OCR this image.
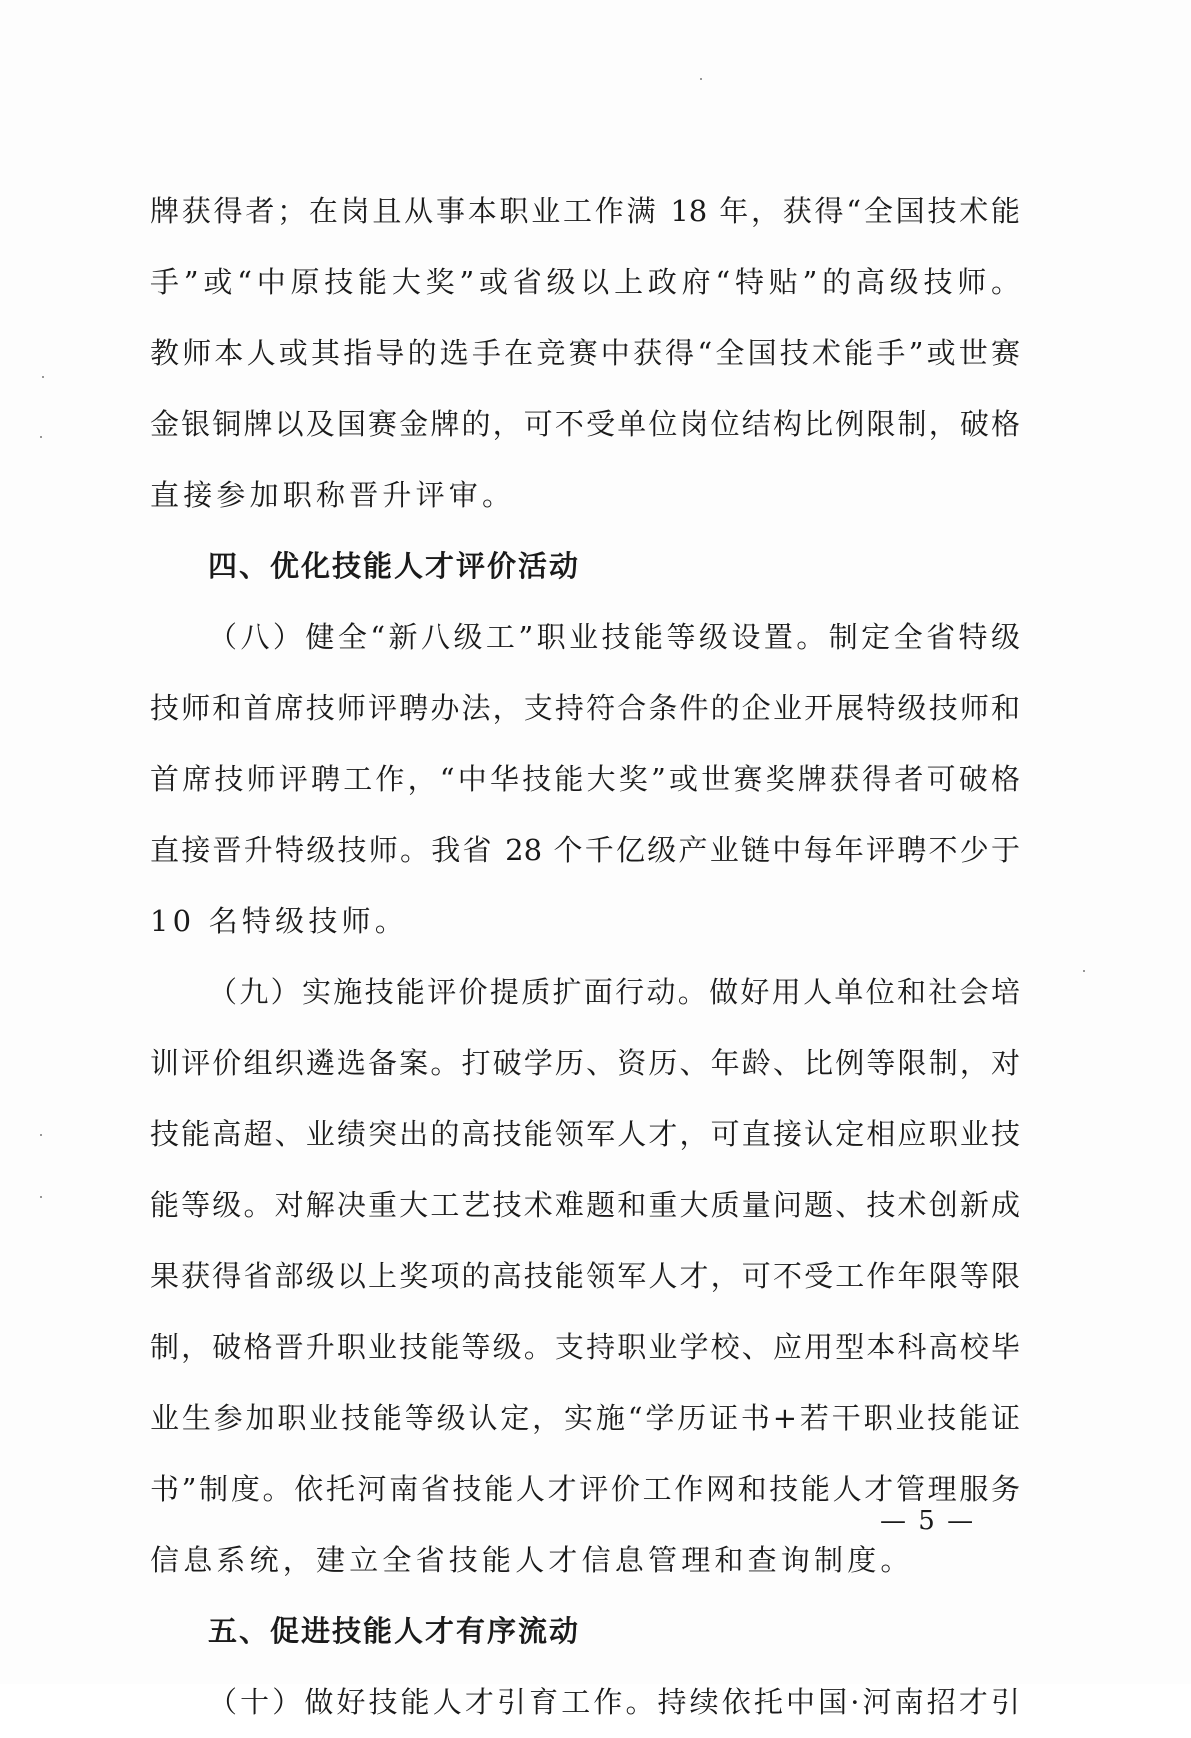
牌获得者；在岗且从事本职业工作满 18 年，获得“全国技术能
手”或“中原技能大奖”或省级以上政府“特贴”的高级技师。
教师本人或其指导的选手在竞赛中获得“全国技术能手”或世赛
金银铜牌以及国赛金牌的，可不受单位岗位结构比例限制，破格
直接参加职称晋升评审。
四、优化技能人才评价活动
（八）健全“新八级工”职业技能等级设置。制定全省特级
技师和首席技师评聘办法，支持符合条件的企业开展特级技师和
首席技师评聘工作，“中华技能大奖”或世赛奖牌获得者可破格
直接晋升特级技师。我省 28 个千亿级产业链中每年评聘不少于
10 名特级技师。
（九）实施技能评价提质扩面行动。做好用人单位和社会培
训评价组织遴选备案。打破学历、资历、年龄、比例等限制，对
技能高超、业绩突出的高技能领军人才，可直接认定相应职业技
能等级。对解决重大工艺技术难题和重大质量问题、技术创新成
果获得省部级以上奖项的高技能领军人才，可不受工作年限等限
制，破格晋升职业技能等级。支持职业学校、应用型本科高校毕
业生参加职业技能等级认定，实施“学历证书+若干职业技能证
书”制度。依托河南省技能人才评价工作网和技能人才管理服务
信息系统，建立全省技能人才信息管理和查询制度。
五、促进技能人才有序流动
（十）做好技能人才引育工作。持续依托中国·河南招才引
— 5 —
